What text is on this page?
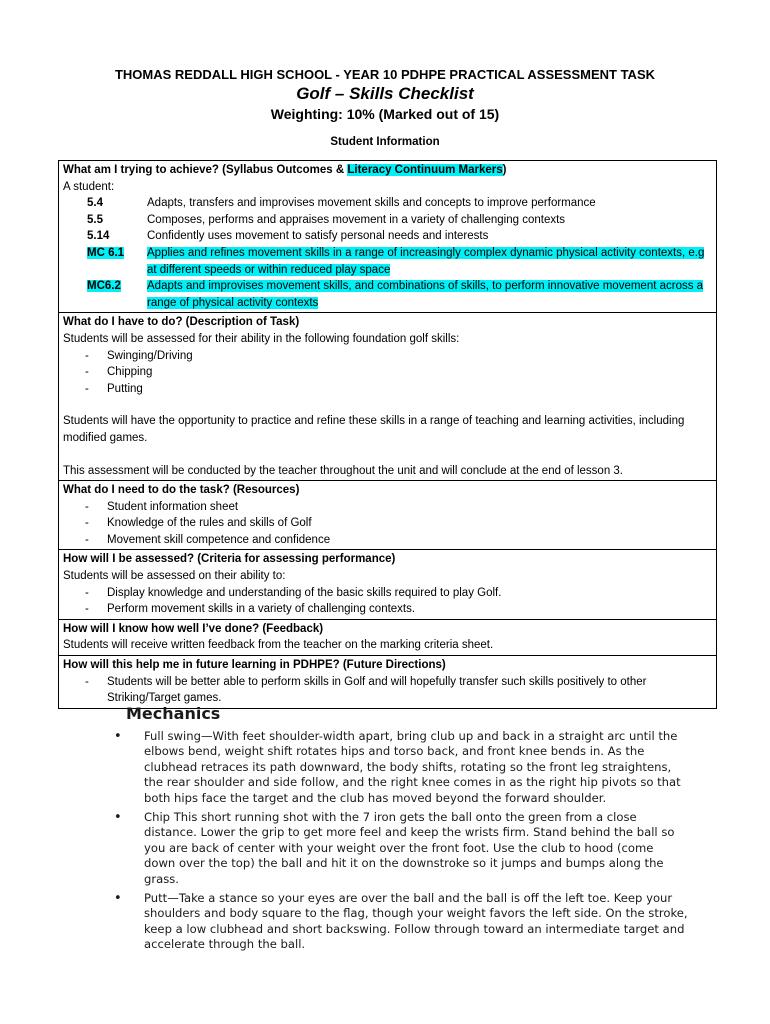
THOMAS REDDALL HIGH SCHOOL - YEAR 10 PDHPE PRACTICAL ASSESSMENT TASK
Golf – Skills Checklist
Weighting: 10% (Marked out of 15)
Student Information
What am I trying to achieve? (Syllabus Outcomes & Literacy Continuum Markers)
A student:
5.4	Adapts, transfers and improvises movement skills and concepts to improve performance
5.5	Composes, performs and appraises movement in a variety of challenging contexts
5.14	Confidently uses movement to satisfy personal needs and interests
MC 6.1	Applies and refines movement skills in a range of increasingly complex dynamic physical activity contexts, e.g at different speeds or within reduced play space
MC6.2	Adapts and improvises movement skills, and combinations of skills, to perform innovative movement across a range of physical activity contexts
What do I have to do? (Description of Task)
Students will be assessed for their ability in the following foundation golf skills:
-	Swinging/Driving
-	Chipping
-	Putting
Students will have the opportunity to practice and refine these skills in a range of teaching and learning activities, including modified games.
This assessment will be conducted by the teacher throughout the unit and will conclude at the end of lesson 3.
What do I need to do the task? (Resources)
-	Student information sheet
-	Knowledge of the rules and skills of Golf
-	Movement skill competence and confidence
How will I be assessed? (Criteria for assessing performance)
Students will be assessed on their ability to:
-	Display knowledge and understanding of the basic skills required to play Golf.
-	Perform movement skills in a variety of challenging contexts.
How will I know how well I’ve done? (Feedback)
Students will receive written feedback from the teacher on the marking criteria sheet.
How will this help me in future learning in PDHPE? (Future Directions)
-	Students will be better able to perform skills in Golf and will hopefully transfer such skills positively to other Striking/Target games.
Mechanics
•	Full swing—With feet shoulder-width apart, bring club up and back in a straight arc until the elbows bend, weight shift rotates hips and torso back, and front knee bends in. As the clubhead retraces its path downward, the body shifts, rotating so the front leg straightens, the rear shoulder and side follow, and the right knee comes in as the right hip pivots so that both hips face the target and the club has moved beyond the forward shoulder.
•	Chip This short running shot with the 7 iron gets the ball onto the green from a close distance. Lower the grip to get more feel and keep the wrists firm. Stand behind the ball so you are back of center with your weight over the front foot. Use the club to hood (come down over the top) the ball and hit it on the downstroke so it jumps and bumps along the grass.
•	Putt—Take a stance so your eyes are over the ball and the ball is off the left toe. Keep your shoulders and body square to the flag, though your weight favors the left side. On the stroke, keep a low clubhead and short backswing. Follow through toward an intermediate target and accelerate through the ball.
